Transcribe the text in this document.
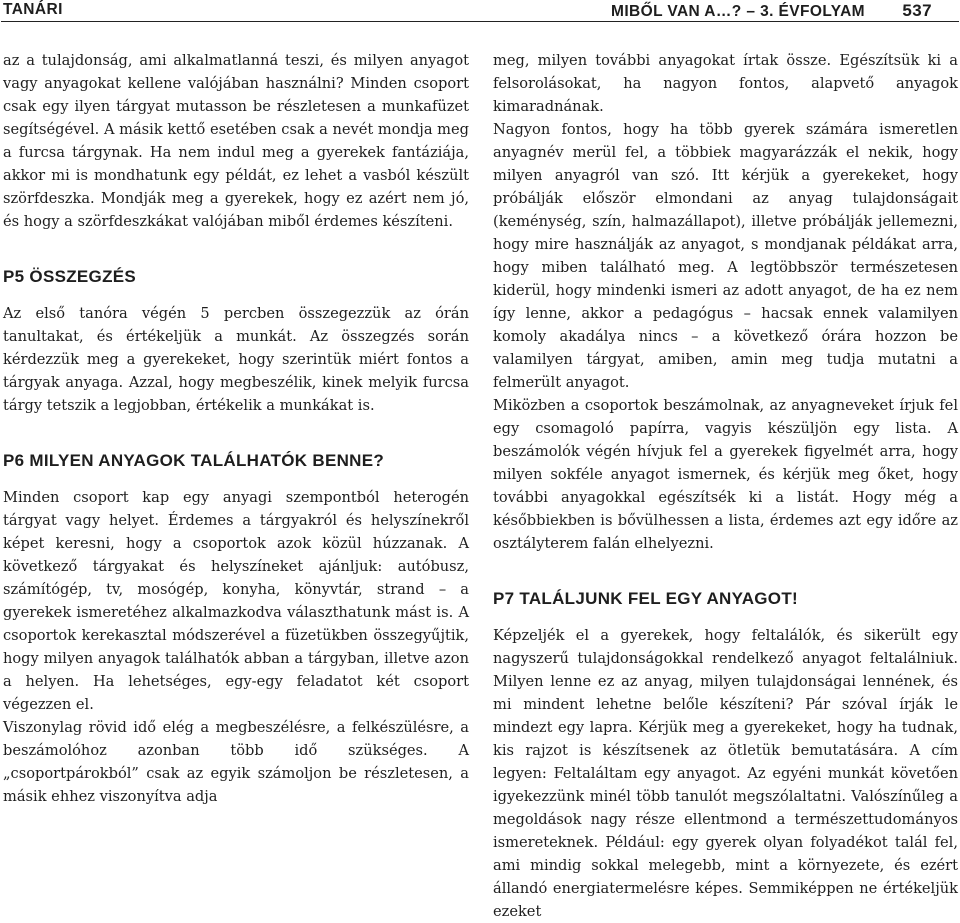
TANÁRI	MIBŐL VAN A…? – 3. ÉVFOLYAM 537

az a tulajdonság, ami alkalmatlanná teszi, és milyen anyagot vagy anyagokat kellene valójában használni? Minden csoport csak egy ilyen tárgyat mutasson be részletesen a munkafüzet segítségével. A másik kettő esetében csak a nevét mondja meg a furcsa tárgynak. Ha nem indul meg a gyerekek fantáziája, akkor mi is mondhatunk egy példát, ez lehet a vasból készült szörfdeszka. Mondják meg a gyerekek, hogy ez azért nem jó, és hogy a szörfdeszkákat valójában miből érdemes készíteni.

P5 ÖSSZEGZÉS

Az első tanóra végén 5 percben összegezzük az órán tanultakat, és értékeljük a munkát. Az összegzés során kérdezzük meg a gyerekeket, hogy szerintük miért fontos a tárgyak anyaga. Azzal, hogy megbeszélik, kinek melyik furcsa tárgy tetszik a legjobban, értékelik a munkákat is.

P6 MILYEN ANYAGOK TALÁLHATÓK BENNE?

Minden csoport kap egy anyagi szempontból heterogén tárgyat vagy helyet. Érdemes a tárgyakról és helyszínekről képet keresni, hogy a csoportok azok közül húzzanak. A következő tárgyakat és helyszíneket ajánljuk: autóbusz, számítógép, tv, mosógép, konyha, könyvtár, strand – a gyerekek ismeretéhez alkalmazkodva választhatunk mást is. A csoportok kerekasztal módszerével a füzetükben összegyűjtik, hogy milyen anyagok találhatók abban a tárgyban, illetve azon a helyen. Ha lehetséges, egy-egy feladatot két csoport végezzen el.

Viszonylag rövid idő elég a megbeszélésre, a felkészülésre, a beszámolóhoz azonban több idő szükséges. A „csoportpárokból” csak az egyik számoljon be részletesen, a másik ehhez viszonyítva adja

meg, milyen további anyagokat írtak össze. Egészítsük ki a felsorolásokat, ha nagyon fontos, alapvető anyagok kimaradnának.

Nagyon fontos, hogy ha több gyerek számára ismeretlen anyagnév merül fel, a többiek magyarázzák el nekik, hogy milyen anyagról van szó. Itt kérjük a gyerekeket, hogy próbálják először elmondani az anyag tulajdonságait (keménység, szín, halmazállapot), illetve próbálják jellemezni, hogy mire használják az anyagot, s mondjanak példákat arra, hogy miben található meg. A legtöbbször természetesen kiderül, hogy mindenki ismeri az adott anyagot, de ha ez nem így lenne, akkor a pedagógus – hacsak ennek valamilyen komoly akadálya nincs – a következő órára hozzon be valamilyen tárgyat, amiben, amin meg tudja mutatni a felmerült anyagot.

Miközben a csoportok beszámolnak, az anyagneveket írjuk fel egy csomagoló papírra, vagyis készüljön egy lista. A beszámolók végén hívjuk fel a gyerekek figyelmét arra, hogy milyen sokféle anyagot ismernek, és kérjük meg őket, hogy további anyagokkal egészítsék ki a listát. Hogy még a későbbiekben is bővülhessen a lista, érdemes azt egy időre az osztályterem falán elhelyezni.

P7 TALÁLJUNK FEL EGY ANYAGOT!

Képzeljék el a gyerekek, hogy feltalálók, és sikerült egy nagyszerű tulajdonságokkal rendelkező anyagot feltalálniuk. Milyen lenne ez az anyag, milyen tulajdonságai lennének, és mi mindent lehetne belőle készíteni? Pár szóval írják le mindezt egy lapra. Kérjük meg a gyerekeket, hogy ha tudnak, kis rajzot is készítsenek az ötletük bemutatására. A cím legyen: Feltaláltam egy anyagot. Az egyéni munkát követően igyekezzünk minél több tanulót megszólaltatni. Valószínűleg a megoldások nagy része ellentmond a természettudományos ismereteknek. Például: egy gyerek olyan folyadékot talál fel, ami mindig sokkal melegebb, mint a környezete, és ezért állandó energiatermelésre képes. Semmiképpen ne értékeljük ezeket
